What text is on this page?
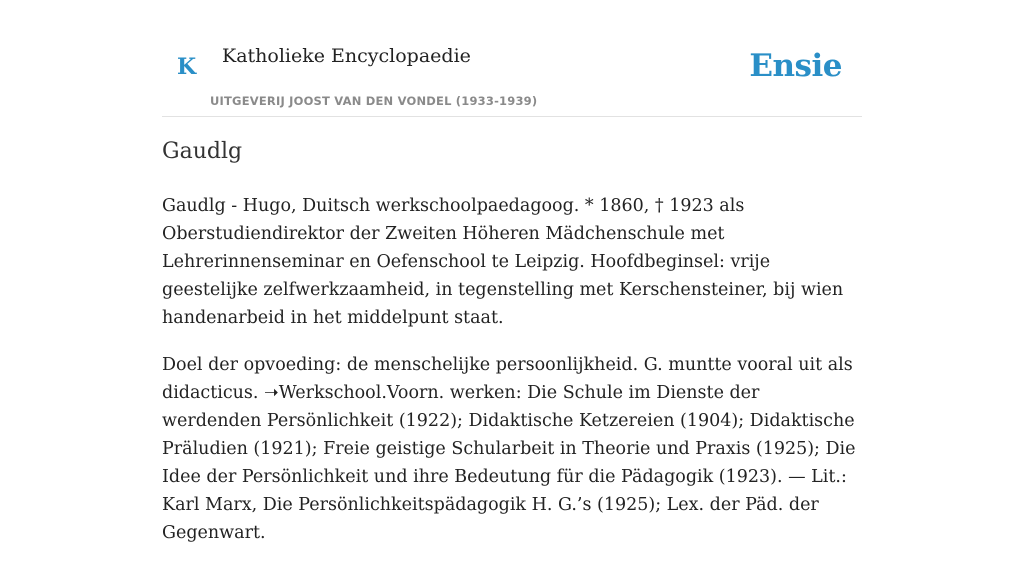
K Katholieke Encyclopaedie
UITGEVERIJ JOOST VAN DEN VONDEL (1933-1939)
Ensie
Gaudlg

Gaudlg - Hugo, Duitsch werkschoolpaedagoog. * 1860, † 1923 als Oberstudiendirektor der Zweiten Höheren Mädchenschule met Lehrerinnenseminar en Oefenschool te Leipzig. Hoofdbeginsel: vrije geestelijke zelfwerkzaamheid, in tegenstelling met Kerschensteiner, bij wien handenarbeid in het middelpunt staat.

Doel der opvoeding: de menschelijke persoonlijkheid. G. muntte vooral uit als didacticus. ➝Werkschool.Voorn. werken: Die Schule im Dienste der werdenden Persönlichkeit (1922); Didaktische Ketzereien (1904); Didaktische Präludien (1921); Freie geistige Schularbeit in Theorie und Praxis (1925); Die Idee der Persönlichkeit und ihre Bedeutung für die Pädagogik (1923). — Lit.: Karl Marx, Die Persönlichkeitspädagogik H. G.’s (1925); Lex. der Päd. der Gegenwart.
